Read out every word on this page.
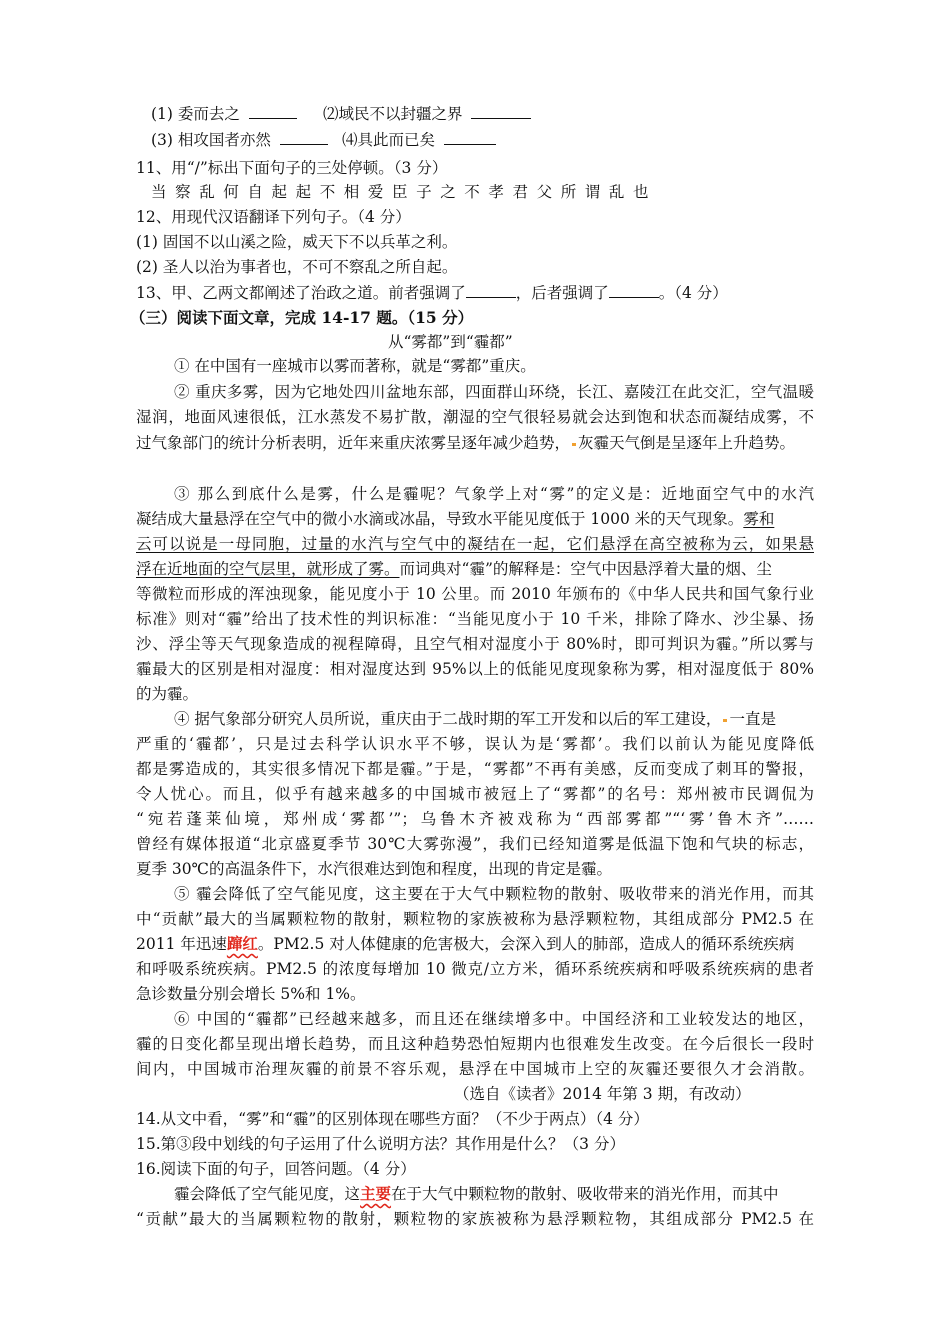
(1) 委而去之	⑵域民不以封疆之界
(3) 相攻国者亦然	⑷具此而已矣
11、用“/”标出下面句子的三处停顿。（3 分）
当察乱何自起起不相爱臣子之不孝君父所谓乱也
12、用现代汉语翻译下列句子。（4 分）
(1) 固国不以山溪之险，威天下不以兵革之利。
(2) 圣人以治为事者也，不可不察乱之所自起。
13、甲、乙两文都阐述了治政之道。前者强调了	，后者强调了	。（4 分）
（三）阅读下面文章，完成 14-17 题。（15 分）
从“雾都”到“霾都”
① 在中国有一座城市以雾而著称，就是“雾都”重庆。
② 重庆多雾，因为它地处四川盆地东部，四面群山环绕，长江、嘉陵江在此交汇，空气温暖
湿润，地面风速很低，江水蒸发不易扩散，潮湿的空气很轻易就会达到饱和状态而凝结成雾，不
过气象部门的统计分析表明，近年来重庆浓雾呈逐年减少趋势， 灰霾天气倒是呈逐年上升趋势。
③ 那么到底什么是雾，什么是霾呢？气象学上对“雾”的定义是：近地面空气中的水汽
凝结成大量悬浮在空气中的微小水滴或冰晶，导致水平能见度低于 1000 米的天气现象。雾和
云可以说是一母同胞，过量的水汽与空气中的凝结在一起，它们悬浮在高空被称为云，如果悬
浮在近地面的空气层里，就形成了雾。而词典对“霾”的解释是：空气中因悬浮着大量的烟、尘
等微粒而形成的浑浊现象，能见度小于 10 公里。而 2010 年颁布的《中华人民共和国气象行业
标准》则对“霾”给出了技术性的判识标准：“当能见度小于 10 千米，排除了降水、沙尘暴、扬
沙、浮尘等天气现象造成的视程障碍，且空气相对湿度小于 80%时，即可判识为霾。”所以雾与
霾最大的区别是相对湿度：相对湿度达到 95%以上的低能见度现象称为雾，相对湿度低于 80%
的为霾。
④ 据气象部分研究人员所说，重庆由于二战时期的军工开发和以后的军工建设， 一直是
严重的‘霾都’，只是过去科学认识水平不够，误认为是‘雾都’。我们以前认为能见度降低
都是雾造成的，其实很多情况下都是霾。”于是，“雾都”不再有美感，反而变成了刺耳的警报，
令人忧心。而且，似乎有越来越多的中国城市被冠上了“雾都”的名号：郑州被市民调侃为
“宛若蓬莱仙境，郑州成‘雾都’”；乌鲁木齐被戏称为“西部雾都”“‘雾’鲁木齐”……
曾经有媒体报道“北京盛夏季节 30℃大雾弥漫”，我们已经知道雾是低温下饱和气块的标志，
夏季 30℃的高温条件下，水汽很难达到饱和程度，出现的肯定是霾。
⑤ 霾会降低了空气能见度，这主要在于大气中颗粒物的散射、吸收带来的消光作用，而其
中“贡献”最大的当属颗粒物的散射，颗粒物的家族被称为悬浮颗粒物，其组成部分 PM2.5 在
2011 年迅速蹿红。PM2.5 对人体健康的危害极大，会深入到人的肺部，造成人的循环系统疾病
和呼吸系统疾病。PM2.5 的浓度每增加 10 微克/立方米，循环系统疾病和呼吸系统疾病的患者
急诊数量分别会增长 5%和 1%。
⑥ 中国的“霾都”已经越来越多，而且还在继续增多中。中国经济和工业较发达的地区，
霾的日变化都呈现出增长趋势，而且这种趋势恐怕短期内也很难发生改变。在今后很长一段时
间内，中国城市治理灰霾的前景不容乐观，悬浮在中国城市上空的灰霾还要很久才会消散。
（选自《读者》2014 年第 3 期，有改动）
14.从文中看，“雾”和“霾”的区别体现在哪些方面？（不少于两点）（4 分）
15.第③段中划线的句子运用了什么说明方法？其作用是什么？（3 分）
16.阅读下面的句子，回答问题。（4 分）
霾会降低了空气能见度，这主要在于大气中颗粒物的散射、吸收带来的消光作用，而其中
“贡献”最大的当属颗粒物的散射，颗粒物的家族被称为悬浮颗粒物，其组成部分 PM2.5 在
